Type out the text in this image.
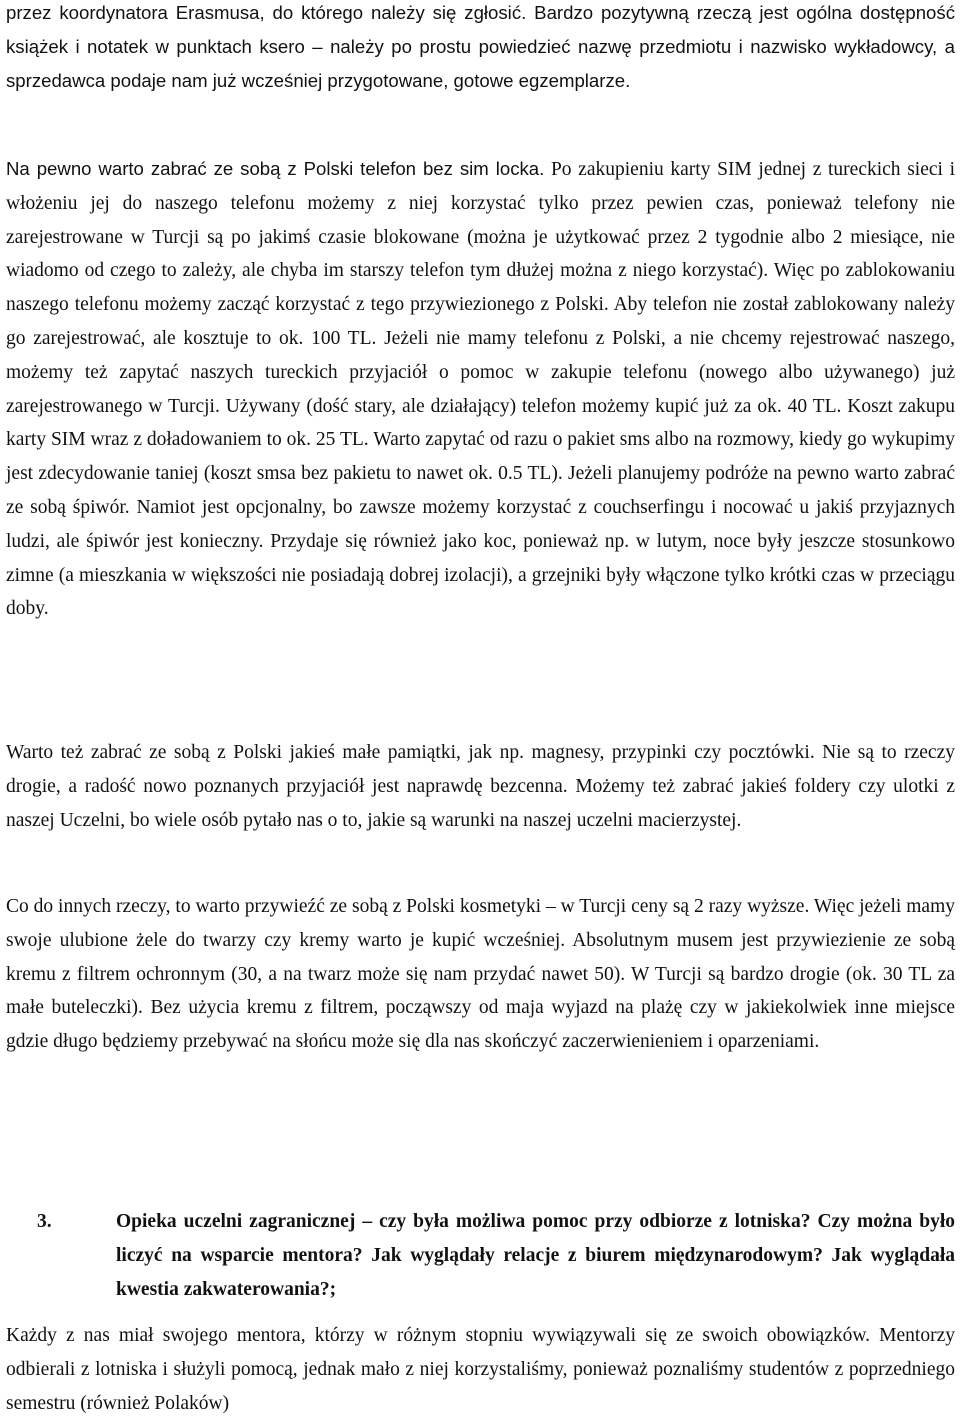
przez koordynatora Erasmusa, do którego należy się zgłosić. Bardzo pozytywną rzeczą jest ogólna dostępność książek i notatek w punktach ksero – należy po prostu powiedzieć nazwę przedmiotu i nazwisko wykładowcy, a sprzedawca podaje nam już wcześniej przygotowane, gotowe egzemplarze.

Na pewno warto zabrać ze sobą z Polski telefon bez sim locka. Po zakupieniu karty SIM jednej z tureckich sieci i włożeniu jej do naszego telefonu możemy z niej korzystać tylko przez pewien czas, ponieważ telefony nie zarejestrowane w Turcji są po jakimś czasie blokowane (można je użytkować przez 2 tygodnie albo 2 miesiące, nie wiadomo od czego to zależy, ale chyba im starszy telefon tym dłużej można z niego korzystać). Więc po zablokowaniu naszego telefonu możemy zacząć korzystać z tego przywiezionego z Polski. Aby telefon nie został zablokowany należy go zarejestrować, ale kosztuje to ok. 100 TL. Jeżeli nie mamy telefonu z Polski, a nie chcemy rejestrować naszego, możemy też zapytać naszych tureckich przyjaciół o pomoc w zakupie telefonu (nowego albo używanego) już zarejestrowanego w Turcji. Używany (dość stary, ale działający) telefon możemy kupić już za ok. 40 TL. Koszt zakupu karty SIM wraz z doładowaniem to ok. 25 TL. Warto zapytać od razu o pakiet sms albo na rozmowy, kiedy go wykupimy jest zdecydowanie taniej (koszt smsa bez pakietu to nawet ok. 0.5 TL). Jeżeli planujemy podróże na pewno warto zabrać ze sobą śpiwór. Namiot jest opcjonalny, bo zawsze możemy korzystać z couchserfingu i nocować u jakiś przyjaznych ludzi, ale śpiwór jest konieczny. Przydaje się również jako koc, ponieważ np. w lutym, noce były jeszcze stosunkowo zimne (a mieszkania w większości nie posiadają dobrej izolacji), a grzejniki były włączone tylko krótki czas w przeciągu doby.

Warto też zabrać ze sobą z Polski jakieś małe pamiątki, jak np. magnesy, przypinki czy pocztówki. Nie są to rzeczy drogie, a radość nowo poznanych przyjaciół jest naprawdę bezcenna. Możemy też zabrać jakieś foldery czy ulotki z naszej Uczelni, bo wiele osób pytało nas o to, jakie są warunki na naszej uczelni macierzystej.

Co do innych rzeczy, to warto przywieźć ze sobą z Polski kosmetyki – w Turcji ceny są 2 razy wyższe. Więc jeżeli mamy swoje ulubione żele do twarzy czy kremy warto je kupić wcześniej. Absolutnym musem jest przywiezienie ze sobą kremu z filtrem ochronnym (30, a na twarz może się nam przydać nawet 50). W Turcji są bardzo drogie (ok. 30 TL za małe buteleczki). Bez użycia kremu z filtrem, począwszy od maja wyjazd na plażę czy w jakiekolwiek inne miejsce gdzie długo będziemy przebywać na słońcu może się dla nas skończyć zaczerwienieniem i oparzeniami.

3.	Opieka uczelni zagranicznej – czy była możliwa pomoc przy odbiorze z lotniska? Czy można było liczyć na wsparcie mentora? Jak wyglądały relacje z biurem międzynarodowym? Jak wyglądała kwestia zakwaterowania?;

Każdy z nas miał swojego mentora, którzy w różnym stopniu wywiązywali się ze swoich obowiązków. Mentorzy odbierali z lotniska i służyli pomocą, jednak mało z niej korzystaliśmy, ponieważ poznaliśmy studentów z poprzedniego semestru (również Polaków)
